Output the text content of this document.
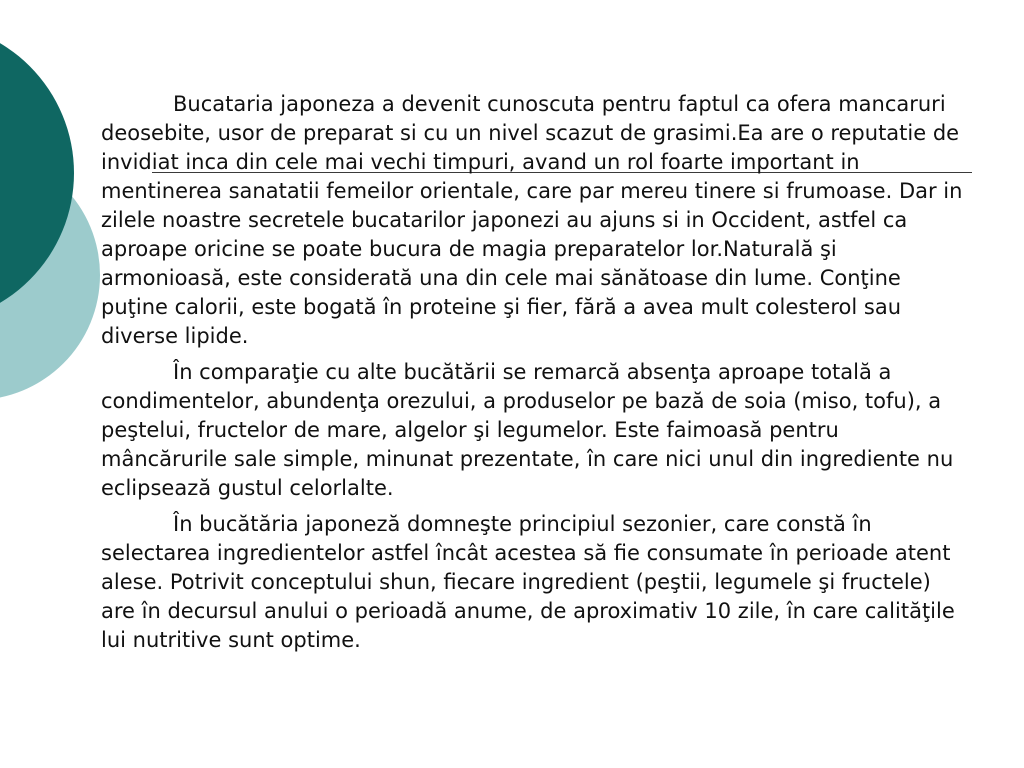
Bucataria japoneza a devenit cunoscuta pentru faptul ca ofera mancaruri deosebite, usor de preparat si cu un nivel scazut de grasimi.Ea are o reputatie de invidiat inca din cele mai vechi timpuri, avand un rol foarte important in mentinerea sanatatii femeilor orientale, care par mereu tinere si frumoase. Dar in zilele noastre secretele bucatarilor japonezi au ajuns si in Occident, astfel ca aproape oricine se poate bucura de magia preparatelor lor.Naturală şi armonioasă, este considerată una din cele mai sănătoase din lume. Conţine puţine calorii, este bogată în proteine şi fier, fără a avea mult colesterol sau diverse lipide.

În comparaţie cu alte bucătării se remarcă absenţa aproape totală a condimentelor, abundenţa orezului, a produselor pe bază de soia (miso, tofu), a peştelui, fructelor de mare, algelor şi legumelor. Este faimoasă pentru mâncărurile sale simple, minunat prezentate, în care nici unul din ingrediente nu eclipsează gustul celorlalte.

În bucătăria japoneză domneşte principiul sezonier, care constă în selectarea ingredientelor astfel încât acestea să fie consumate în perioade atent alese. Potrivit conceptului shun, fiecare ingredient (peştii, legumele şi fructele) are în decursul anului o perioadă anume, de aproximativ 10 zile, în care calităţile lui nutritive sunt optime.
